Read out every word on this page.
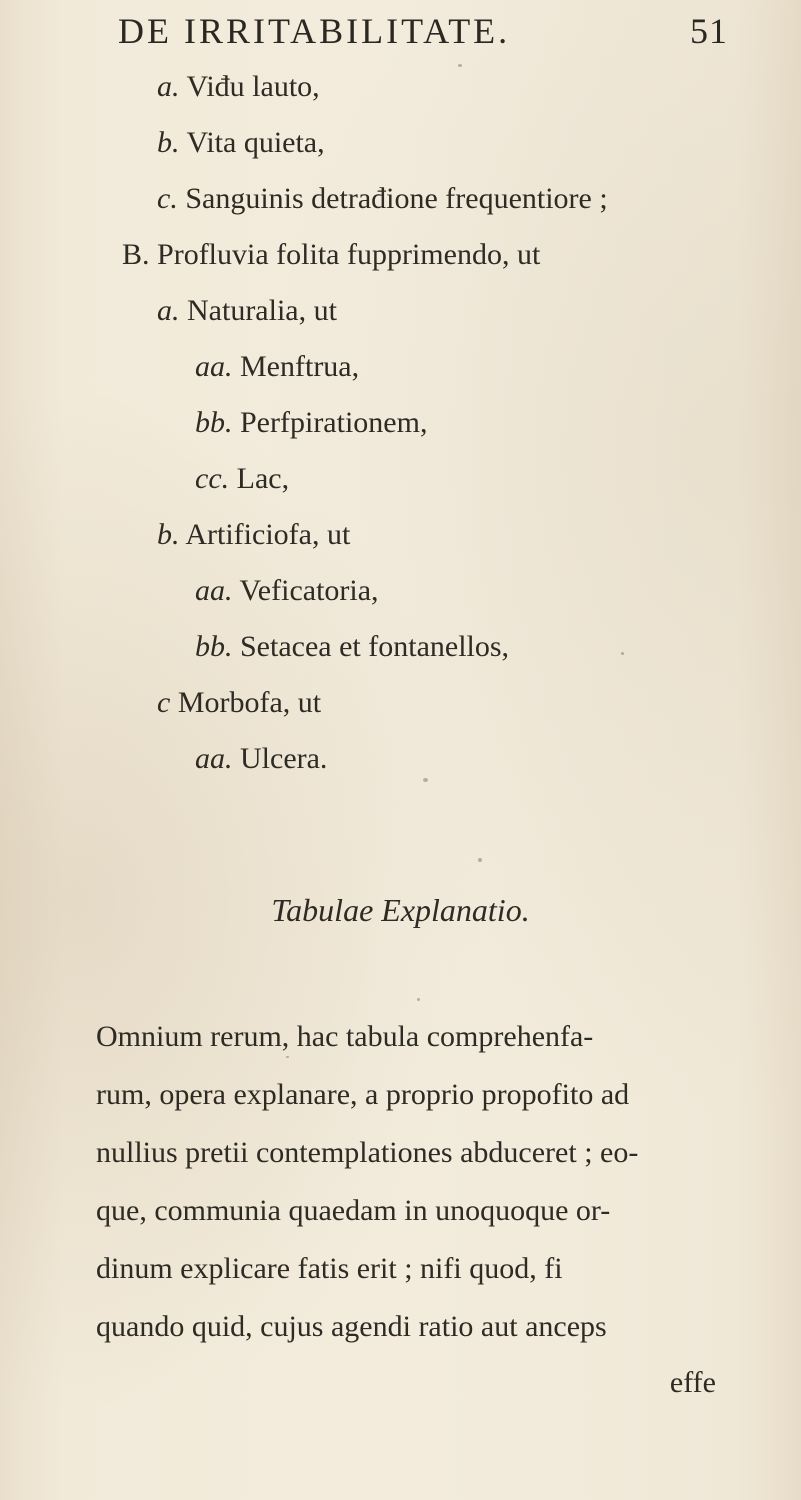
DE IRRITABILITATE.	51
a. Viđu lauto,
b. Vita quieta,
c. Sanguinis detrađione frequentiore ;
B. Profluvia folita fupprimendo, ut
a. Naturalia, ut
aa. Menftrua,
bb. Perfpirationem,
cc. Lac,
b. Artificiofa, ut
aa. Veficatoria,
bb. Setacea et fontanellos,
c Morbofa, ut
aa. Ulcera.
Tabulae Explanatio.
Omnium rerum, hac tabula comprehenfa-
rum, opera explanare, a proprio propofito ad
nullius pretii contemplationes abduceret ; eo-
que, communia quaedam in unoquoque or-
dinum explicare fatis erit ; nifi quod, fi
quando quid, cujus agendi ratio aut anceps
effe
